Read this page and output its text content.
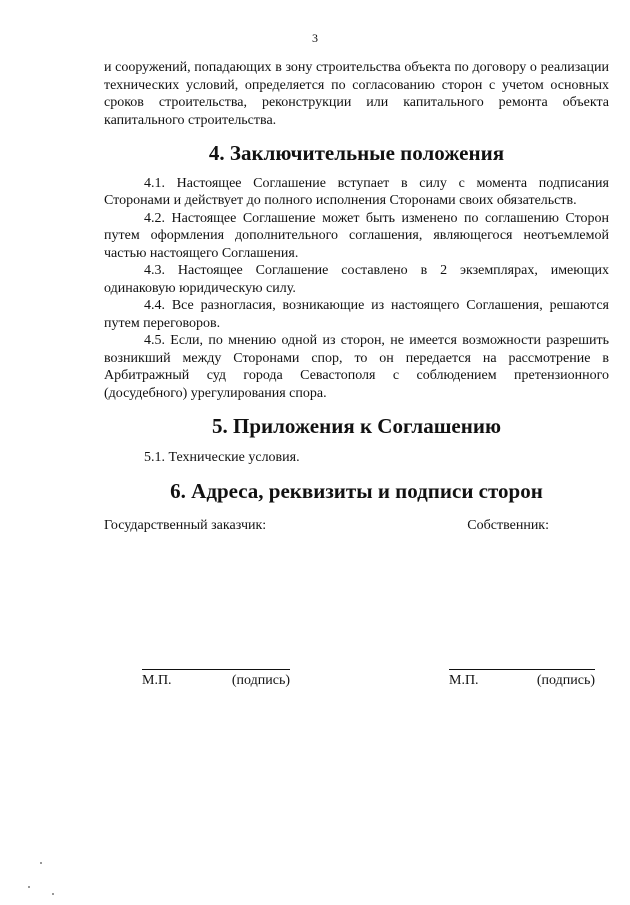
3

и сооружений, попадающих в зону строительства объекта по договору о реализации технических условий, определяется по согласованию сторон с учетом основных сроков строительства, реконструкции или капитального ремонта объекта капитального строительства.

4. Заключительные положения

4.1. Настоящее Соглашение вступает в силу с момента подписания Сторонами и действует до полного исполнения Сторонами своих обязательств.

4.2. Настоящее Соглашение может быть изменено по соглашению Сторон путем оформления дополнительного соглашения, являющегося неотъемлемой частью настоящего Соглашения.

4.3. Настоящее Соглашение составлено в 2 экземплярах, имеющих одинаковую юридическую силу.

4.4. Все разногласия, возникающие из настоящего Соглашения, решаются путем переговоров.

4.5. Если, по мнению одной из сторон, не имеется возможности разрешить возникший между Сторонами спор, то он передается на рассмотрение в Арбитражный суд города Севастополя с соблюдением претензионного (досудебного) урегулирования спора.

5. Приложения к Соглашению

5.1. Технические условия.

6. Адреса, реквизиты и подписи сторон
Государственный заказчик:	Собственник:
М.П.	(подпись)	М.П.	(подпись)
